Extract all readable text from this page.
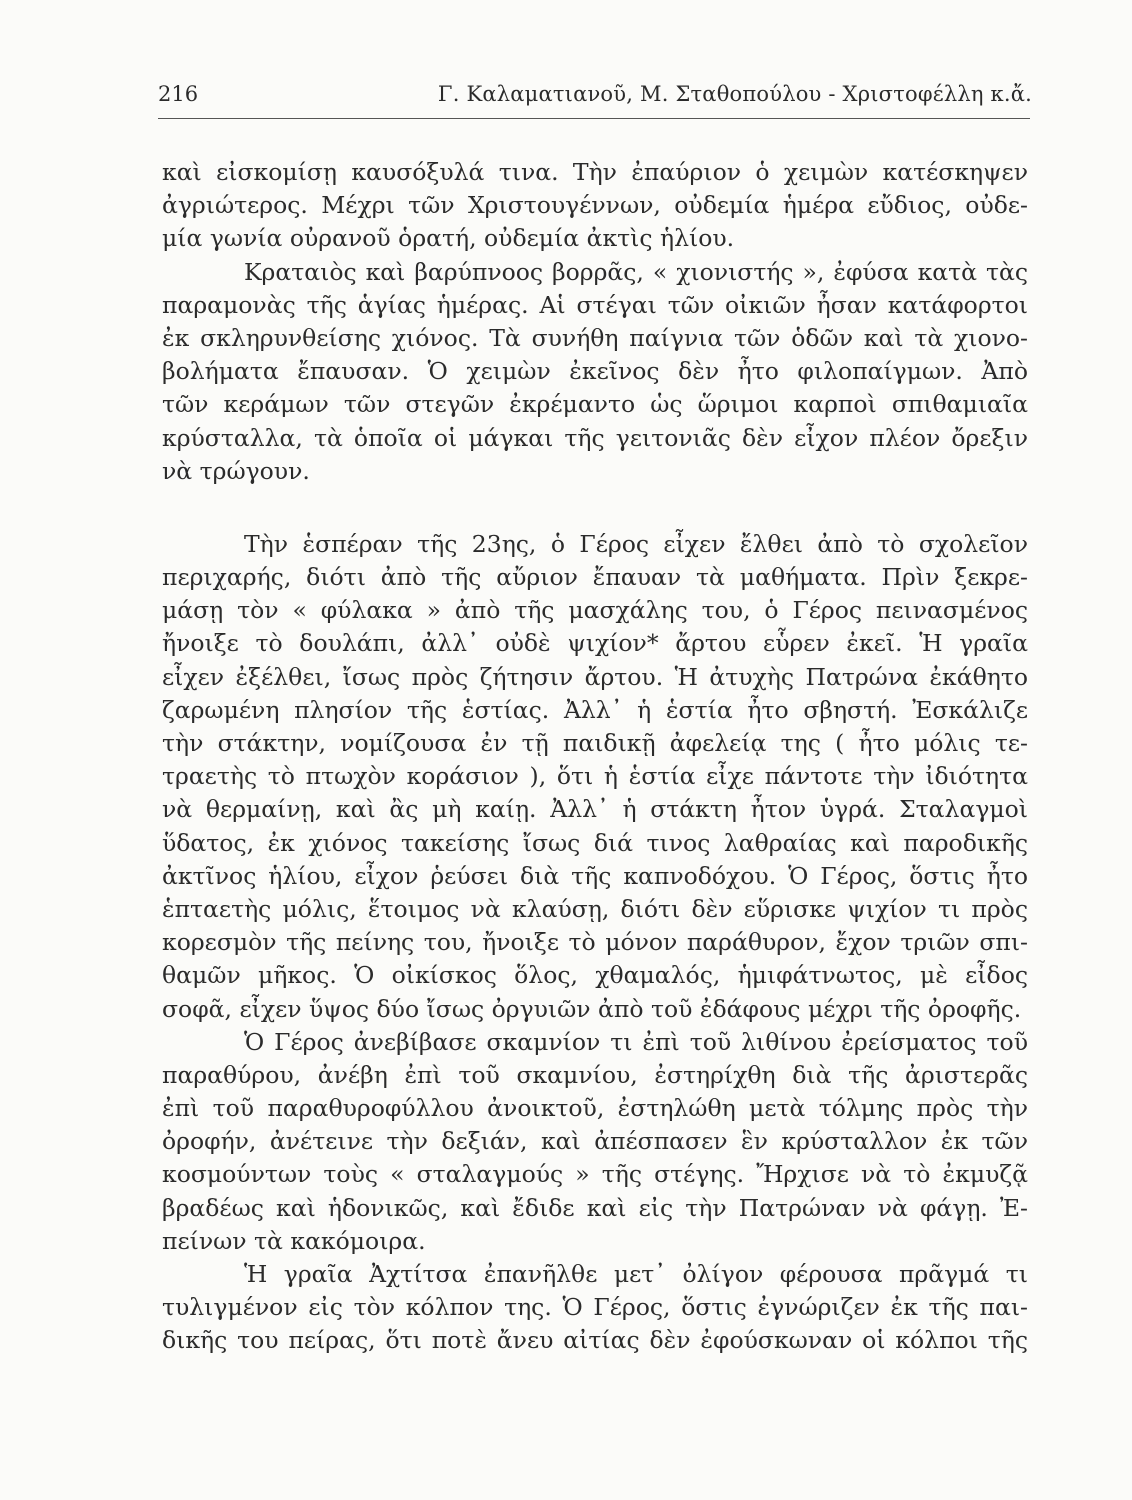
216	Γ. Καλαματιανοῦ, Μ. Σταθοπούλου - Χριστοφέλλη κ.ἄ.
καὶ εἰσκομίσῃ καυσόξυλά τινα. Τὴν ἐπαύριον ὁ χειμὼν κατέσκηψεν
ἀγριώτερος. Μέχρι τῶν Χριστουγέννων, οὐδεμία ἡμέρα εὔδιος, οὐδε-
μία γωνία οὐρανοῦ ὁρατή, οὐδεμία ἀκτὶς ἡλίου.
Κραταιὸς καὶ βαρύπνοος βορρᾶς, « χιονιστής », ἐφύσα κατὰ τὰς
παραμονὰς τῆς ἁγίας ἡμέρας. Αἱ στέγαι τῶν οἰκιῶν ἦσαν κατάφορτοι
ἐκ σκληρυνθείσης χιόνος. Τὰ συνήθη παίγνια τῶν ὁδῶν καὶ τὰ χιονο-
βολήματα ἔπαυσαν. Ὁ χειμὼν ἐκεῖνος δὲν ἦτο φιλοπαίγμων. Ἀπὸ
τῶν κεράμων τῶν στεγῶν ἐκρέμαντο ὡς ὥριμοι καρποὶ σπιθαμιαῖα
κρύσταλλα, τὰ ὁποῖα οἱ μάγκαι τῆς γειτονιᾶς δὲν εἶχον πλέον ὄρεξιν
νὰ τρώγουν.
Τὴν ἑσπέραν τῆς 23ης, ὁ Γέρος εἶχεν ἔλθει ἀπὸ τὸ σχολεῖον
περιχαρής, διότι ἀπὸ τῆς αὔριον ἔπαυαν τὰ μαθήματα. Πρὶν ξεκρε-
μάσῃ τὸν « φύλακα » ἀπὸ τῆς μασχάλης του, ὁ Γέρος πεινασμένος
ἤνοιξε τὸ δουλάπι, ἀλλ᾽ οὐδὲ ψιχίον* ἄρτου εὗρεν ἐκεῖ. Ἡ γραῖα
εἶχεν ἐξέλθει, ἴσως πρὸς ζήτησιν ἄρτου. Ἡ ἀτυχὴς Πατρώνα ἐκάθητο
ζαρωμένη πλησίον τῆς ἑστίας. Ἀλλ᾽ ἡ ἑστία ἦτο σβηστή. Ἐσκάλιζε
τὴν στάκτην, νομίζουσα ἐν τῇ παιδικῇ ἀφελείᾳ της ( ἦτο μόλις τε-
τραετὴς τὸ πτωχὸν κοράσιον ), ὅτι ἡ ἑστία εἶχε πάντοτε τὴν ἰδιότητα
νὰ θερμαίνῃ, καὶ ἂς μὴ καίῃ. Ἀλλ᾽ ἡ στάκτη ἦτον ὑγρά. Σταλαγμοὶ
ὕδατος, ἐκ χιόνος τακείσης ἴσως διά τινος λαθραίας καὶ παροδικῆς
ἀκτῖνος ἡλίου, εἶχον ῥεύσει διὰ τῆς καπνοδόχου. Ὁ Γέρος, ὅστις ἦτο
ἑπταετὴς μόλις, ἕτοιμος νὰ κλαύσῃ, διότι δὲν εὕρισκε ψιχίον τι πρὸς
κορεσμὸν τῆς πείνης του, ἤνοιξε τὸ μόνον παράθυρον, ἔχον τριῶν σπι-
θαμῶν μῆκος. Ὁ οἰκίσκος ὅλος, χθαμαλός, ἡμιφάτνωτος, μὲ εἶδος
σοφᾶ, εἶχεν ὕψος δύο ἴσως ὀργυιῶν ἀπὸ τοῦ ἐδάφους μέχρι τῆς ὀροφῆς.
Ὁ Γέρος ἀνεβίβασε σκαμνίον τι ἐπὶ τοῦ λιθίνου ἐρείσματος τοῦ
παραθύρου, ἀνέβη ἐπὶ τοῦ σκαμνίου, ἐστηρίχθη διὰ τῆς ἀριστερᾶς
ἐπὶ τοῦ παραθυροφύλλου ἀνοικτοῦ, ἐστηλώθη μετὰ τόλμης πρὸς τὴν
ὀροφήν, ἀνέτεινε τὴν δεξιάν, καὶ ἀπέσπασεν ἓν κρύσταλλον ἐκ τῶν
κοσμούντων τοὺς « σταλαγμούς » τῆς στέγης. Ἤρχισε νὰ τὸ ἐκμυζᾷ
βραδέως καὶ ἡδονικῶς, καὶ ἔδιδε καὶ εἰς τὴν Πατρώναν νὰ φάγῃ. Ἐ-
πείνων τὰ κακόμοιρα.
Ἡ γραῖα Ἀχτίτσα ἐπανῆλθε μετ᾽ ὀλίγον φέρουσα πρᾶγμά τι
τυλιγμένον εἰς τὸν κόλπον της. Ὁ Γέρος, ὅστις ἐγνώριζεν ἐκ τῆς παι-
δικῆς του πείρας, ὅτι ποτὲ ἄνευ αἰτίας δὲν ἐφούσκωναν οἱ κόλποι τῆς
